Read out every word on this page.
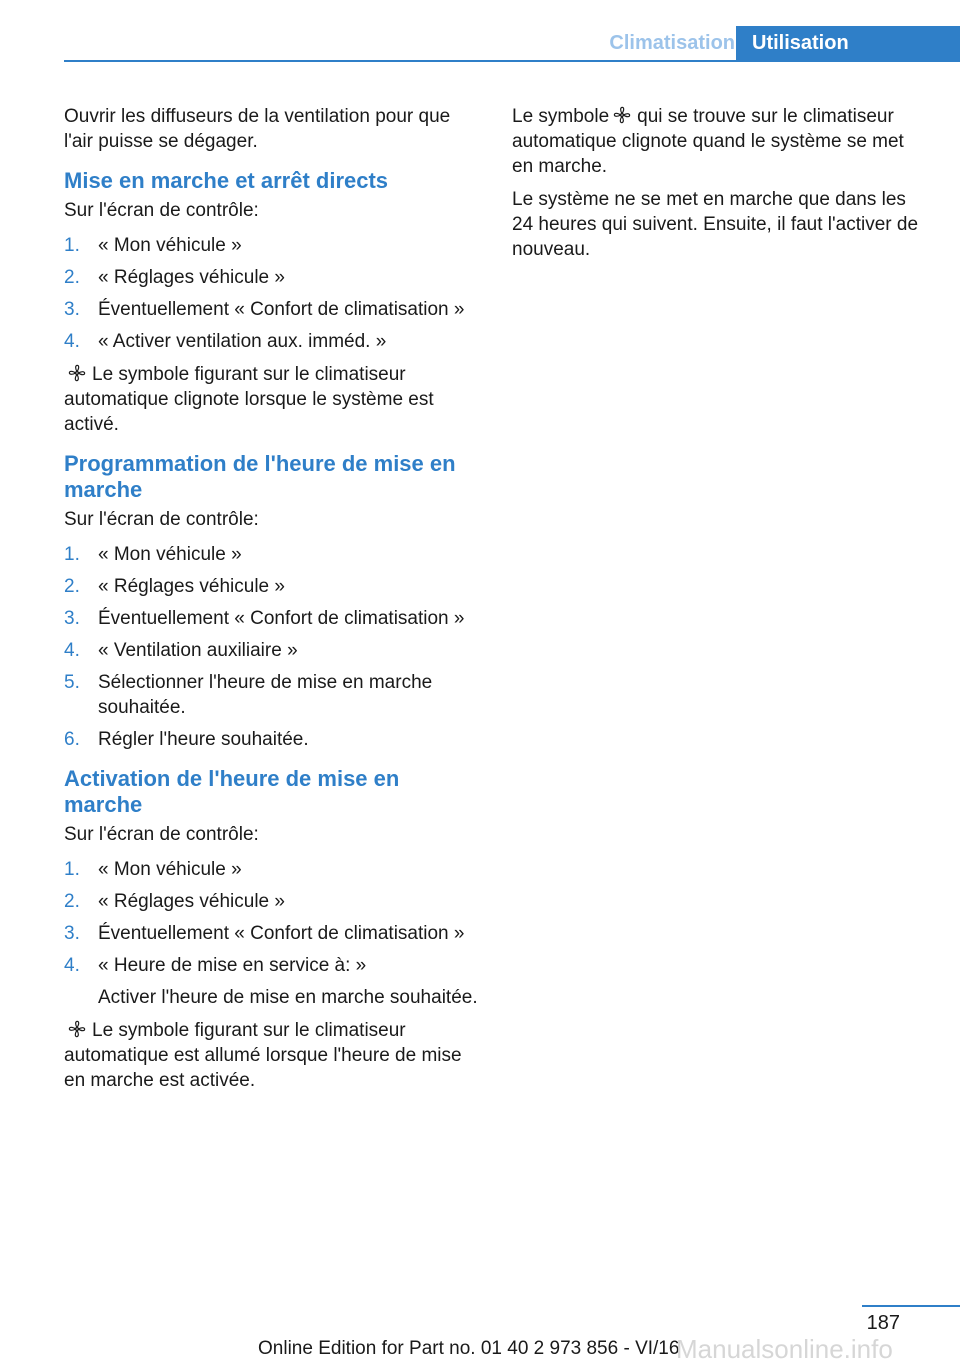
Climatisation Utilisation

Ouvrir les diffuseurs de la ventilation pour que l'air puisse se dégager.

Mise en marche et arrêt directs

Sur l'écran de contrôle:

1. « Mon véhicule »
2. « Réglages véhicule »
3. Éventuellement « Confort de climatisation »
4. « Activer ventilation aux. imméd. »

Le symbole figurant sur le climatiseur automatique clignote lorsque le système est activé.

Programmation de l'heure de mise en marche

Sur l'écran de contrôle:

1. « Mon véhicule »
2. « Réglages véhicule »
3. Éventuellement « Confort de climatisation »
4. « Ventilation auxiliaire »
5. Sélectionner l'heure de mise en marche souhaitée.
6. Régler l'heure souhaitée.
Activation de l'heure de mise en marche

Sur l'écran de contrôle:

1. « Mon véhicule »
2. « Réglages véhicule »
3. Éventuellement « Confort de climatisation »
4. « Heure de mise en service à: »
Activer l'heure de mise en marche souhaitée.

Le symbole figurant sur le climatiseur automatique est allumé lorsque l'heure de mise en marche est activée.

Le symbole qui se trouve sur le climatiseur automatique clignote quand le système se met en marche.

Le système ne se met en marche que dans les 24 heures qui suivent. Ensuite, il faut l'activer de nouveau.

187
Online Edition for Part no. 01 40 2 973 856 - VI/16
Manualsonline.info
